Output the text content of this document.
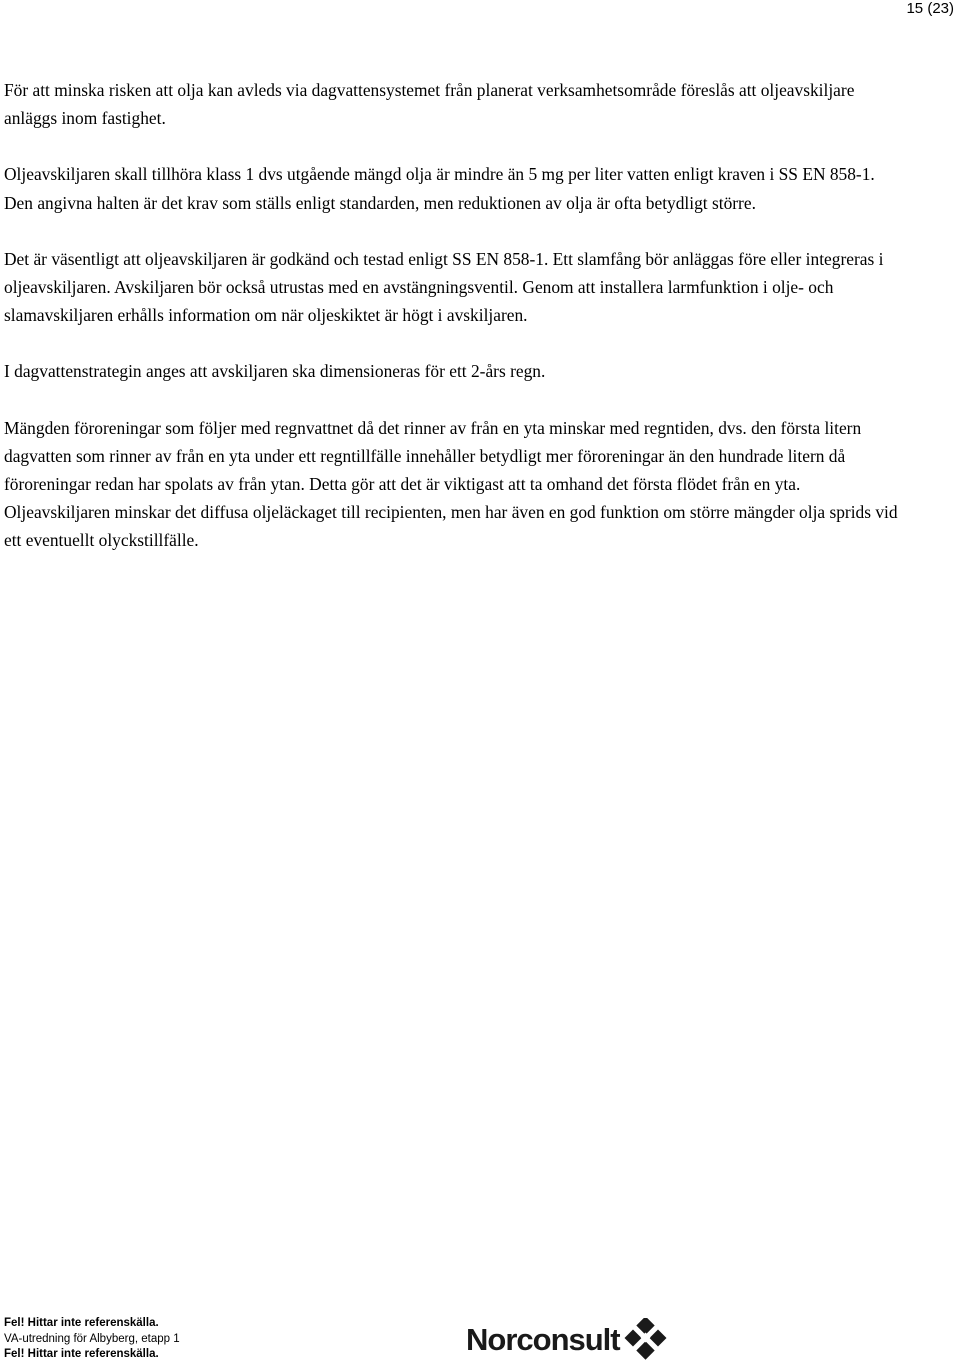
15 (23)

För att minska risken att olja kan avleds via dagvattensystemet från planerat verksamhetsområde föreslås att oljeavskiljare anläggs inom fastighet.

Oljeavskiljaren skall tillhöra klass 1 dvs utgående mängd olja är mindre än 5 mg per liter vatten enligt kraven i SS EN 858-1. Den angivna halten är det krav som ställs enligt standarden, men reduktionen av olja är ofta betydligt större.

Det är väsentligt att oljeavskiljaren är godkänd och testad enligt SS EN 858-1. Ett slamfång bör anläggas före eller integreras i oljeavskiljaren. Avskiljaren bör också utrustas med en avstängningsventil. Genom att installera larmfunktion i olje- och slamavskiljaren erhålls information om när oljeskiktet är högt i avskiljaren.

I dagvattenstrategin anges att avskiljaren ska dimensioneras för ett 2-års regn.

Mängden föroreningar som följer med regnvattnet då det rinner av från en yta minskar med regntiden, dvs. den första litern dagvatten som rinner av från en yta under ett regntillfälle innehåller betydligt mer föroreningar än den hundrade litern då föroreningar redan har spolats av från ytan. Detta gör att det är viktigast att ta omhand det första flödet från en yta. Oljeavskiljaren minskar det diffusa oljeläckaget till recipienten, men har även en god funktion om större mängder olja sprids vid ett eventuellt olyckstillfälle.

Fel! Hittar inte referenskälla.
VA-utredning för Albyberg, etapp 1
Fel! Hittar inte referenskälla.	Norconsult
